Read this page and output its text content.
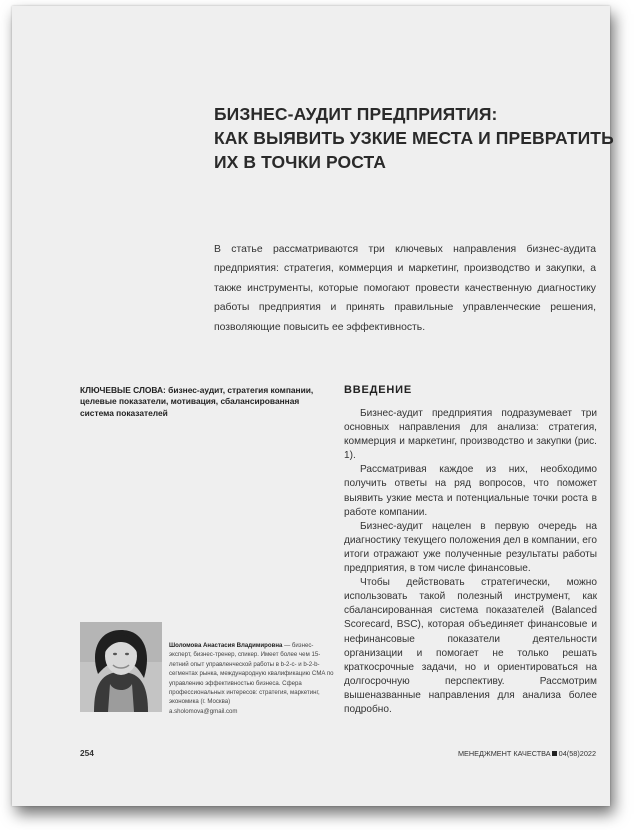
БИЗНЕС-АУДИТ ПРЕДПРИЯТИЯ:
КАК ВЫЯВИТЬ УЗКИЕ МЕСТА И ПРЕВРАТИТЬ
ИХ В ТОЧКИ РОСТА

В статье рассматриваются три ключевых направления бизнес-аудита предприятия: стратегия, коммерция и маркетинг, производство и закупки, а также инструменты, которые помогают провести качественную диагностику работы предприятия и принять правильные управленческие решения, позволяющие повысить ее эффективность.

КЛЮЧЕВЫЕ СЛОВА: бизнес-аудит, стратегия компании, целевые показатели, мотивация, сбалансированная система показателей

Шоломова Анастасия Владимировна — бизнес-эксперт, бизнес-тренер, спикер. Имеет более чем 15-летний опыт управленческой работы в b-2-c- и b-2-b-сегментах рынка, международную квалификацию CMA по управлению эффективностью бизнеса. Сфера профессиональных интересов: стратегия, маркетинг, экономика (г. Москва)
a.sholomova@gmail.com

ВВЕДЕНИЕ

Бизнес-аудит предприятия подразумевает три основных направления для анализа: стратегия, коммерция и маркетинг, производство и закупки (рис. 1).

Рассматривая каждое из них, необходимо получить ответы на ряд вопросов, что поможет выявить узкие места и потенциальные точки роста в работе компании.

Бизнес-аудит нацелен в первую очередь на диагностику текущего положения дел в компании, его итоги отражают уже полученные результаты работы предприятия, в том числе финансовые.

Чтобы действовать стратегически, можно использовать такой полезный инструмент, как сбалансированная система показателей (Balanced Scorecard, BSC), которая объединяет финансовые и нефинансовые показатели деятельности организации и помогает не только решать краткосрочные задачи, но и ориентироваться на долгосрочную перспективу. Рассмотрим вышеназванные направления для анализа более подробно.

254	МЕНЕДЖМЕНТ КАЧЕСТВА 04(58)2022
